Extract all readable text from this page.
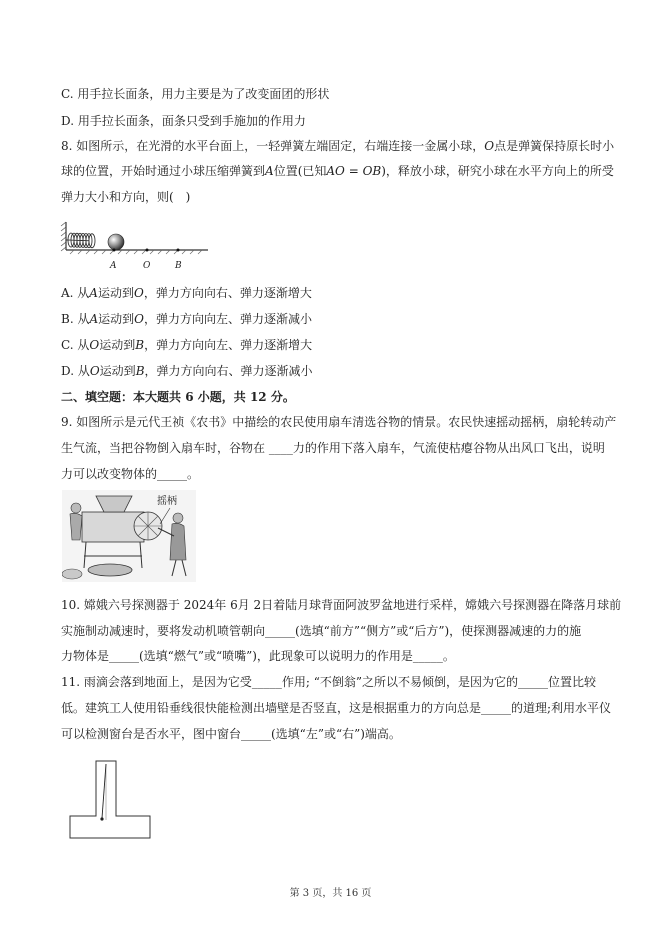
C. 用手拉长面条，用力主要是为了改变面团的形状
D. 用手拉长面条，面条只受到手施加的作用力
8. 如图所示，在光滑的水平台面上，一轻弹簧左端固定，右端连接一金属小球，O点是弹簧保持原长时小
球的位置，开始时通过小球压缩弹簧到A位置(已知AO = OB)，释放小球，研究小球在水平方向上的所受
弹力大小和方向，则(　)
A	O	B
A. 从A运动到O，弹力方向向右、弹力逐渐增大
B. 从A运动到O，弹力方向向左、弹力逐渐减小
C. 从O运动到B，弹力方向向左、弹力逐渐增大
D. 从O运动到B，弹力方向向右、弹力逐渐减小
二、填空题：本大题共 6 小题，共 12 分。
9. 如图所示是元代王祯《农书》中描绘的农民使用扇车清选谷物的情景。农民快速摇动摇柄，扇轮转动产
生气流，当把谷物倒入扇车时，谷物在 ____力的作用下落入扇车，气流使枯瘪谷物从出风口飞出，说明
力可以改变物体的_____。
摇柄
10. 嫦娥六号探测器于 2024年 6月 2日着陆月球背面阿波罗盆地进行采样，嫦娥六号探测器在降落月球前
实施制动减速时，要将发动机喷管朝向_____(选填“前方”“侧方”或“后方”)，使探测器减速的力的施
力物体是_____(选填“燃气”或“喷嘴”)，此现象可以说明力的作用是_____。
11. 雨滴会落到地面上，是因为它受_____作用; “不倒翁”之所以不易倾倒，是因为它的_____位置比较
低。建筑工人使用铅垂线很快能检测出墙壁是否竖直，这是根据重力的方向总是_____的道理;利用水平仪
可以检测窗台是否水平，图中窗台_____(选填“左”或“右”)端高。
第 3 页，共 16 页
